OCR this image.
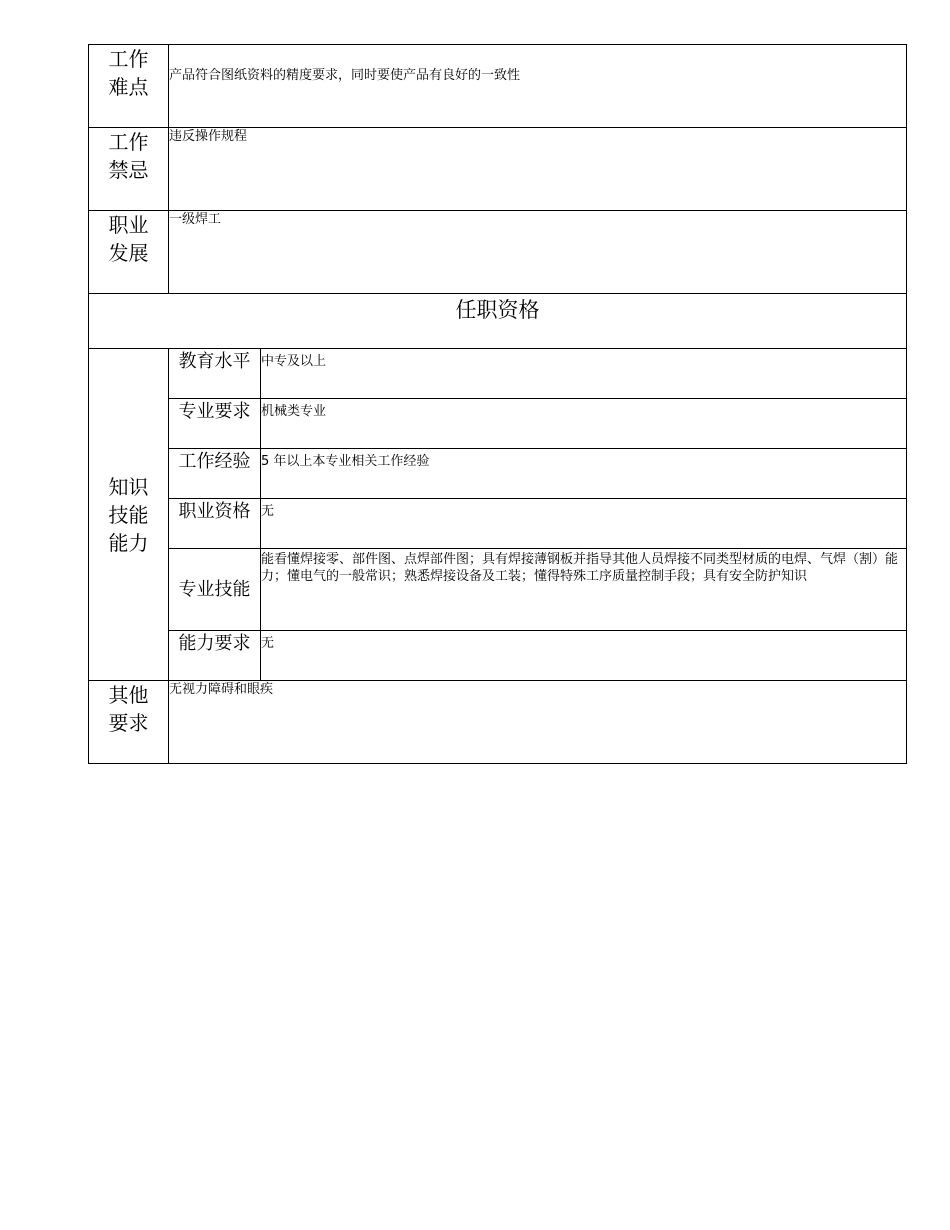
工作
难点	产品符合图纸资料的精度要求，同时要使产品有良好的一致性	

工作
禁忌	违反操作规程	

职业
发展	一级焊工	
任职资格		

知识
技能
能力	教育水平	中专及以上
	专业要求	机械类专业
	工作经验	5 年以上本专业相关工作经验
	职业资格	无
	专业技能	能看懂焊接零、部件图、点焊部件图；具有焊接薄钢板并指导其他人员焊接不同类型材质的电焊、气焊（割）能力；懂电气的一般常识；熟悉焊接设备及工装；懂得特殊工序质量控制手段；具有安全防护知识
	能力要求	无

其他
要求	无视力障碍和眼疾	
